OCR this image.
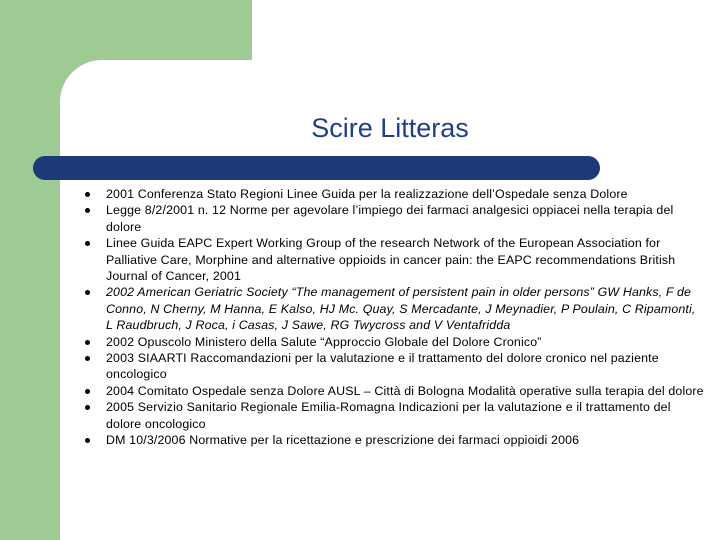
Scire Litteras
2001 Conferenza Stato Regioni Linee Guida per la realizzazione dell’Ospedale senza Dolore
Legge 8/2/2001 n. 12 Norme per agevolare l’impiego dei farmaci analgesici oppiacei nella terapia del dolore
Linee Guida EAPC Expert Working Group of the research Network of the European Association for Palliative Care, Morphine and alternative oppioids in cancer pain: the EAPC recommendations British Journal of Cancer, 2001
2002 American Geriatric Society “The management of persistent pain in older persons” GW Hanks, F de Conno, N Cherny, M Hanna, E Kalso, HJ Mc. Quay, S Mercadante, J Meynadier, P Poulain, C Ripamonti, L Raudbruch, J Roca, i Casas, J Sawe, RG Twycross and V Ventafridda
2002 Opuscolo Ministero della Salute “Approccio Globale del Dolore Cronico”
2003 SIAARTI Raccomandazioni per la valutazione e il trattamento del dolore cronico nel paziente oncologico
2004 Comitato Ospedale senza Dolore AUSL – Città di Bologna Modalità operative sulla terapia del dolore
2005 Servizio Sanitario Regionale Emilia-Romagna Indicazioni per la valutazione e il trattamento del dolore oncologico
DM 10/3/2006 Normative per la ricettazione e prescrizione dei farmaci oppioidi 2006
